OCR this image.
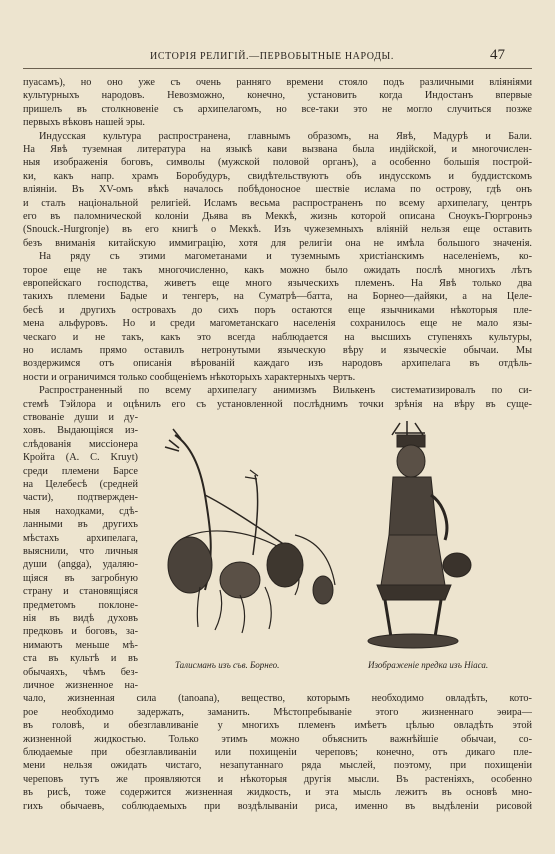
ИСТОРІЯ РЕЛИГІЙ.—ПЕРВОБЫТНЫЕ НАРОДЫ.	47
пуасамъ), но оно уже съ очень ранняго времени стояло подъ различными вліяніями
культурныхъ народовъ. Невозможно, конечно, установить когда Индостанъ впервые
пришелъ въ столкновеніе съ архипелагомъ, но все-таки это не могло случиться позже
первыхъ вѣковъ нашей эры.
Индусская культура распространена, главнымъ образомъ, на Явѣ, Мадурѣ и Бали.
На Явѣ туземная литература на языкѣ кави вызвана была индійской, и многочислен-
ныя изображенія боговъ, символы (мужской половой органъ), а особенно большія построй-
ки, какъ напр. храмъ Боробудуръ, свидѣтельствуютъ объ индусскомъ и буддистскомъ
вліяніи. Въ XV-омъ вѣкѣ началось побѣдоносное шествіе ислама по острову, гдѣ онъ
и сталъ національной религіей. Исламъ весьма распространенъ по всему архипелагу, центръ
его въ паломнической колоніи Дьява въ Меккѣ, жизнь которой описана Сноукъ-Гюргроньэ
(Snouck.-Hurgronje) въ его книгѣ о Меккѣ. Изъ чужеземныхъ вліяній нельзя еще оставить
безъ вниманія китайскую иммиграцію, хотя для религіи она не имѣла большого значенія.
На ряду съ этими магометанами и туземнымъ христіанскимъ населеніемъ, ко-
торое еще не такъ многочисленно, какъ можно было ожидать послѣ многихъ лѣтъ
европейскаго господства, живетъ еще много языческихъ племенъ. На Явѣ только два
такихъ племени Бадые и тенгеръ, на Суматрѣ—батта, на Борнео—дайяки, а на Целе-
бесѣ и другихъ островахъ до сихъ поръ остаются еще язычниками нѣкоторыя пле-
мена альфуровъ. Но и среди магометанскаго населенія сохранилось еще не мало язы-
ческаго и не такъ, какъ это всегда наблюдается на высшихъ ступеняхъ культуры,
но исламъ прямо оставилъ нетронутыми языческую вѣру и языческіе обычаи. Мы
воздержимся отъ описанія вѣрованій каждаго изъ народовъ архипелага въ отдѣль-
ности и ограничимся только сообщеніемъ нѣкоторыхъ характерныхъ чертъ.
Распространенный по всему архипелагу анимизмъ Вилькенъ систематизировалъ по си-
стемѣ Тэйлора и оцѣнилъ его съ установленной послѣднимъ точки зрѣнія на вѣру въ суще-
ствованіе души и ду-
ховъ. Выдающіяся из-
слѣдованія миссіонера
Кройта (А. С. Kruyt)
среди племени Барсе
на Целебесѣ (средней
части), подтвержден-
ныя находками, сдѣ-
ланными въ другихъ
мѣстахъ архипелага,
выяснили, что личныя
души (angga), удаляю-
щіяся въ загробную
страну и становящіяся
предметомъ поклоне-
нія въ видѣ духовъ
предковъ и боговъ, за-
нимаютъ меньше мѣ-
ста въ культѣ и въ
обычаяхъ, чѣмъ без-
личное жизненное на-
чало, жизненная сила (tanoana), вещество, которымъ необходимо овладѣть, кото-
рое необходимо задержать, заманить. Мѣстопребываніе этого жизненнаго эѳира—
въ головѣ, и обезглавливаніе у многихъ племенъ имѣетъ цѣлью овладѣть этой
жизненной жидкостью. Только этимъ можно объяснить важнѣйшіе обычаи, со-
блюдаемые при обезглавливаніи или похищеніи череповъ; конечно, отъ дикаго пле-
мени нельзя ожидать чистаго, незапутаннаго ряда мыслей, поэтому, при похищеніи
череповъ тутъ же проявляются и нѣкоторыя другія мысли. Въ растеніяхъ, особенно
въ рисѣ, тоже содержится жизненная жидкость, и эта мысль лежитъ въ основѣ мно-
гихъ обычаевъ, соблюдаемыхъ при воздѣлываніи риса, именно въ выдѣленіи рисовой
Талисманъ изъ съв. Борнео.	Изображеніе предка изъ Ніаса.
